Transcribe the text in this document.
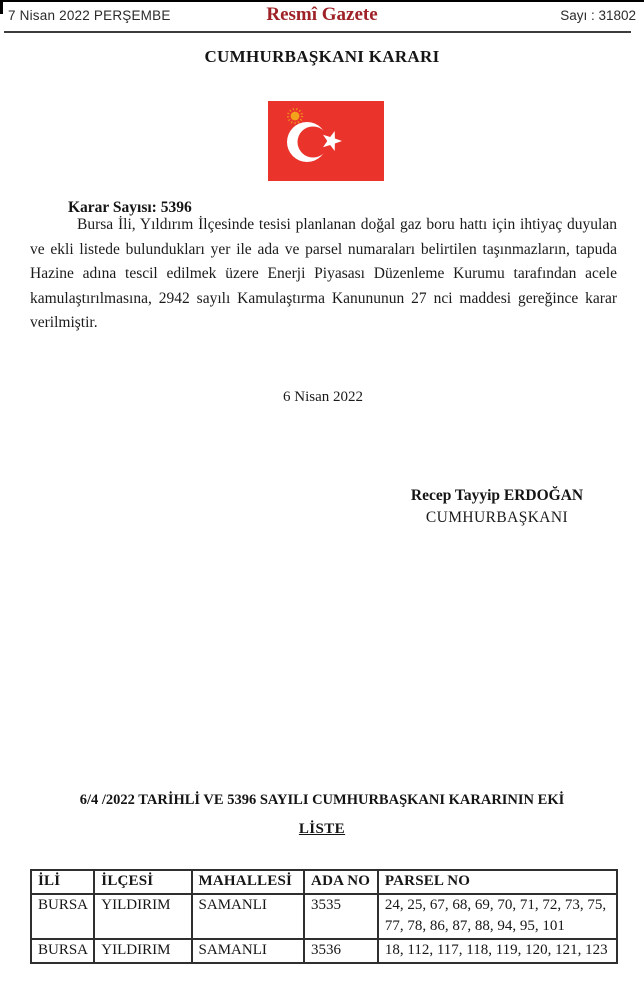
7 Nisan 2022 PERŞEMBE	Resmî Gazete	Sayı : 31802
CUMHURBAŞKANI KARARI
Karar Sayısı: 5396

Bursa İli, Yıldırım İlçesinde tesisi planlanan doğal gaz boru hattı için ihtiyaç duyulan ve ekli listede bulundukları yer ile ada ve parsel numaraları belirtilen taşınmazların, tapuda Hazine adına tescil edilmek üzere Enerji Piyasası Düzenleme Kurumu tarafından acele kamulaştırılmasına, 2942 sayılı Kamulaştırma Kanununun 27 nci maddesi gereğince karar verilmiştir.

6 Nisan 2022
Recep Tayyip ERDOĞAN
CUMHURBAŞKANI
6/4 /2022 TARİHLİ VE 5396 SAYILI CUMHURBAŞKANI KARARININ EKİ
LİSTE
İLİ	İLÇESİ	MAHALLESİ	ADA NO	PARSEL NO
BURSA	YILDIRIM	SAMANLI	3535	24, 25, 67, 68, 69, 70, 71, 72, 73, 75, 77, 78, 86, 87, 88, 94, 95, 101
BURSA	YILDIRIM	SAMANLI	3536	18, 112, 117, 118, 119, 120, 121, 123
